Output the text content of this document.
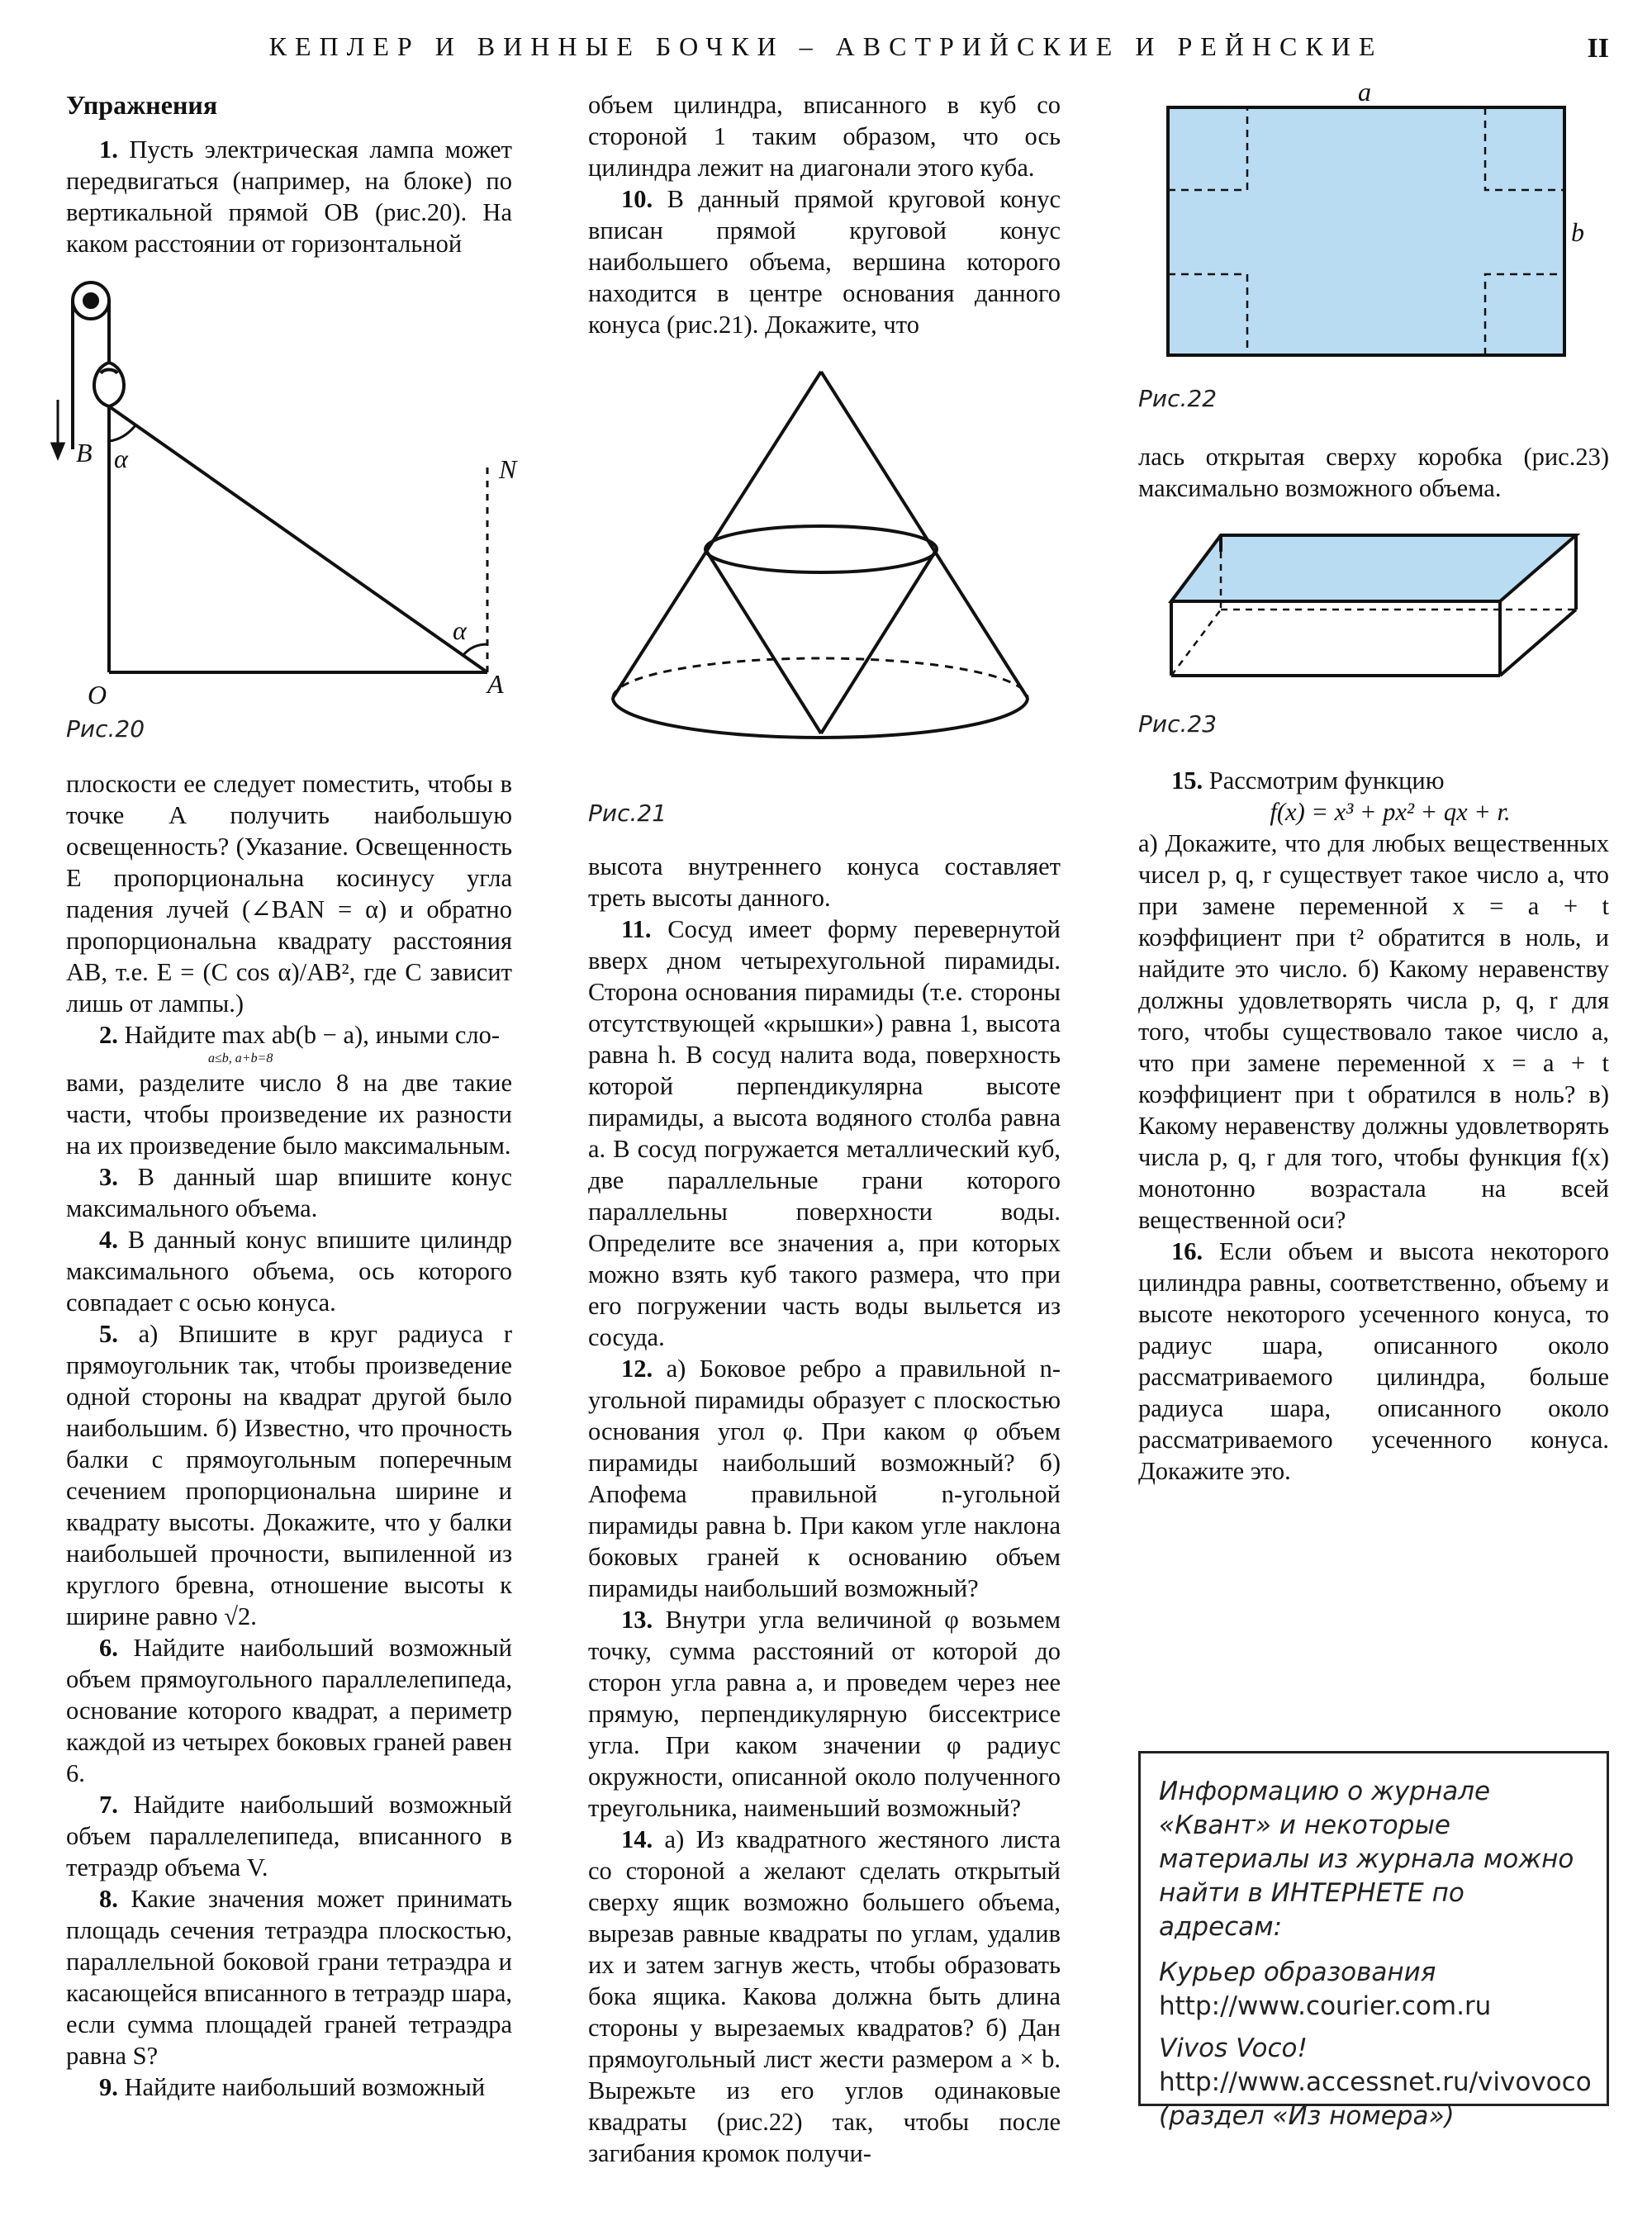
КЕПЛЕР И ВИННЫЕ БОЧКИ – АВСТРИЙСКИЕ И РЕЙНСКИЕ	II
Упражнения

1. Пусть электрическая лампа может передвигаться (например, на блоке) по вертикальной прямой OB (рис.20). На каком расстоянии от горизонтальной

B α
α
N
O	A
Рис.20

плоскости ее следует поместить, чтобы в точке A получить наибольшую освещенность? (Указание. Освещенность E пропорциональна косинусу угла падения лучей (∠BAN = α) и обратно пропорциональна квадрату расстояния AB, т.е. E = (C cos α)/AB², где C зависит лишь от лампы.)

2. Найдите max ab(b − a), иными сло-

a≤b, a+b=8

вами, разделите число 8 на две такие части, чтобы произведение их разности на их произведение было максимальным.

3. В данный шар впишите конус максимального объема.

4. В данный конус впишите цилиндр максимального объема, ось которого совпадает с осью конуса.

5. а) Впишите в круг радиуса r прямоугольник так, чтобы произведение одной стороны на квадрат другой было наибольшим. б) Известно, что прочность балки с прямоугольным поперечным сечением пропорциональна ширине и квадрату высоты. Докажите, что у балки наибольшей прочности, выпиленной из круглого бревна, отношение высоты к ширине равно √2.

6. Найдите наибольший возможный объем прямоугольного параллелепипеда, основание которого квадрат, а периметр каждой из четырех боковых граней равен 6.

7. Найдите наибольший возможный объем параллелепипеда, вписанного в тетраэдр объема V.

8. Какие значения может принимать площадь сечения тетраэдра плоскостью, параллельной боковой грани тетраэдра и касающейся вписанного в тетраэдр шара, если сумма площадей граней тетраэдра равна S?

9. Найдите наибольший возможный

объем цилиндра, вписанного в куб со стороной 1 таким образом, что ось цилиндра лежит на диагонали этого куба.

10. В данный прямой круговой конус вписан прямой круговой конус наибольшего объема, вершина которого находится в центре основания данного конуса (рис.21). Докажите, что

Рис.21

высота внутреннего конуса составляет треть высоты данного.

11. Сосуд имеет форму перевернутой вверх дном четырехугольной пирамиды. Сторона основания пирамиды (т.е. стороны отсутствующей «крышки») равна 1, высота равна h. В сосуд налита вода, поверхность которой перпендикулярна высоте пирамиды, а высота водяного столба равна a. В сосуд погружается металлический куб, две параллельные грани которого параллельны поверхности воды. Определите все значения a, при которых можно взять куб такого размера, что при его погружении часть воды выльется из сосуда.

12. а) Боковое ребро a правильной n-угольной пирамиды образует с плоскостью основания угол φ. При каком φ объем пирамиды наибольший возможный? б) Апофема правильной n-угольной пирамиды равна b. При каком угле наклона боковых граней к основанию объем пирамиды наибольший возможный?

13. Внутри угла величиной φ возьмем точку, сумма расстояний от которой до сторон угла равна a, и проведем через нее прямую, перпендикулярную биссектрисе угла. При каком значении φ радиус окружности, описанной около полученного треугольника, наименьший возможный?

14. а) Из квадратного жестяного листа со стороной a желают сделать открытый сверху ящик возможно большего объема, вырезав равные квадраты по углам, удалив их и затем загнув жесть, чтобы образовать бока ящика. Какова должна быть длина стороны у вырезаемых квадратов? б) Дан прямоугольный лист жести размером a × b. Вырежьте из его углов одинаковые квадраты (рис.22) так, чтобы после загибания кромок получи-

a
b
Рис.22

лась открытая сверху коробка (рис.23) максимально возможного объема.

Рис.23

15. Рассмотрим функцию

f(x) = x³ + px² + qx + r.

а) Докажите, что для любых вещественных чисел p, q, r существует такое число a, что при замене переменной x = a + t коэффициент при t² обратится в ноль, и найдите это число. б) Какому неравенству должны удовлетворять числа p, q, r для того, чтобы существовало такое число a, что при замене переменной x = a + t коэффициент при t обратился в ноль? в) Какому неравенству должны удовлетворять числа p, q, r для того, чтобы функция f(x) монотонно возрастала на всей вещественной оси?

16. Если объем и высота некоторого цилиндра равны, соответственно, объему и высоте некоторого усеченного конуса, то радиус шара, описанного около рассматриваемого цилиндра, больше радиуса шара, описанного около рассматриваемого усеченного конуса. Докажите это.

Информацию о журнале «Квант» и некоторые материалы из журнала можно найти в ИНТЕРНЕТЕ по адресам:

Курьер образования
http://www.courier.com.ru

Vivos Voco!
http://www.accessnet.ru/vivovoco
(раздел «Из номера»)
